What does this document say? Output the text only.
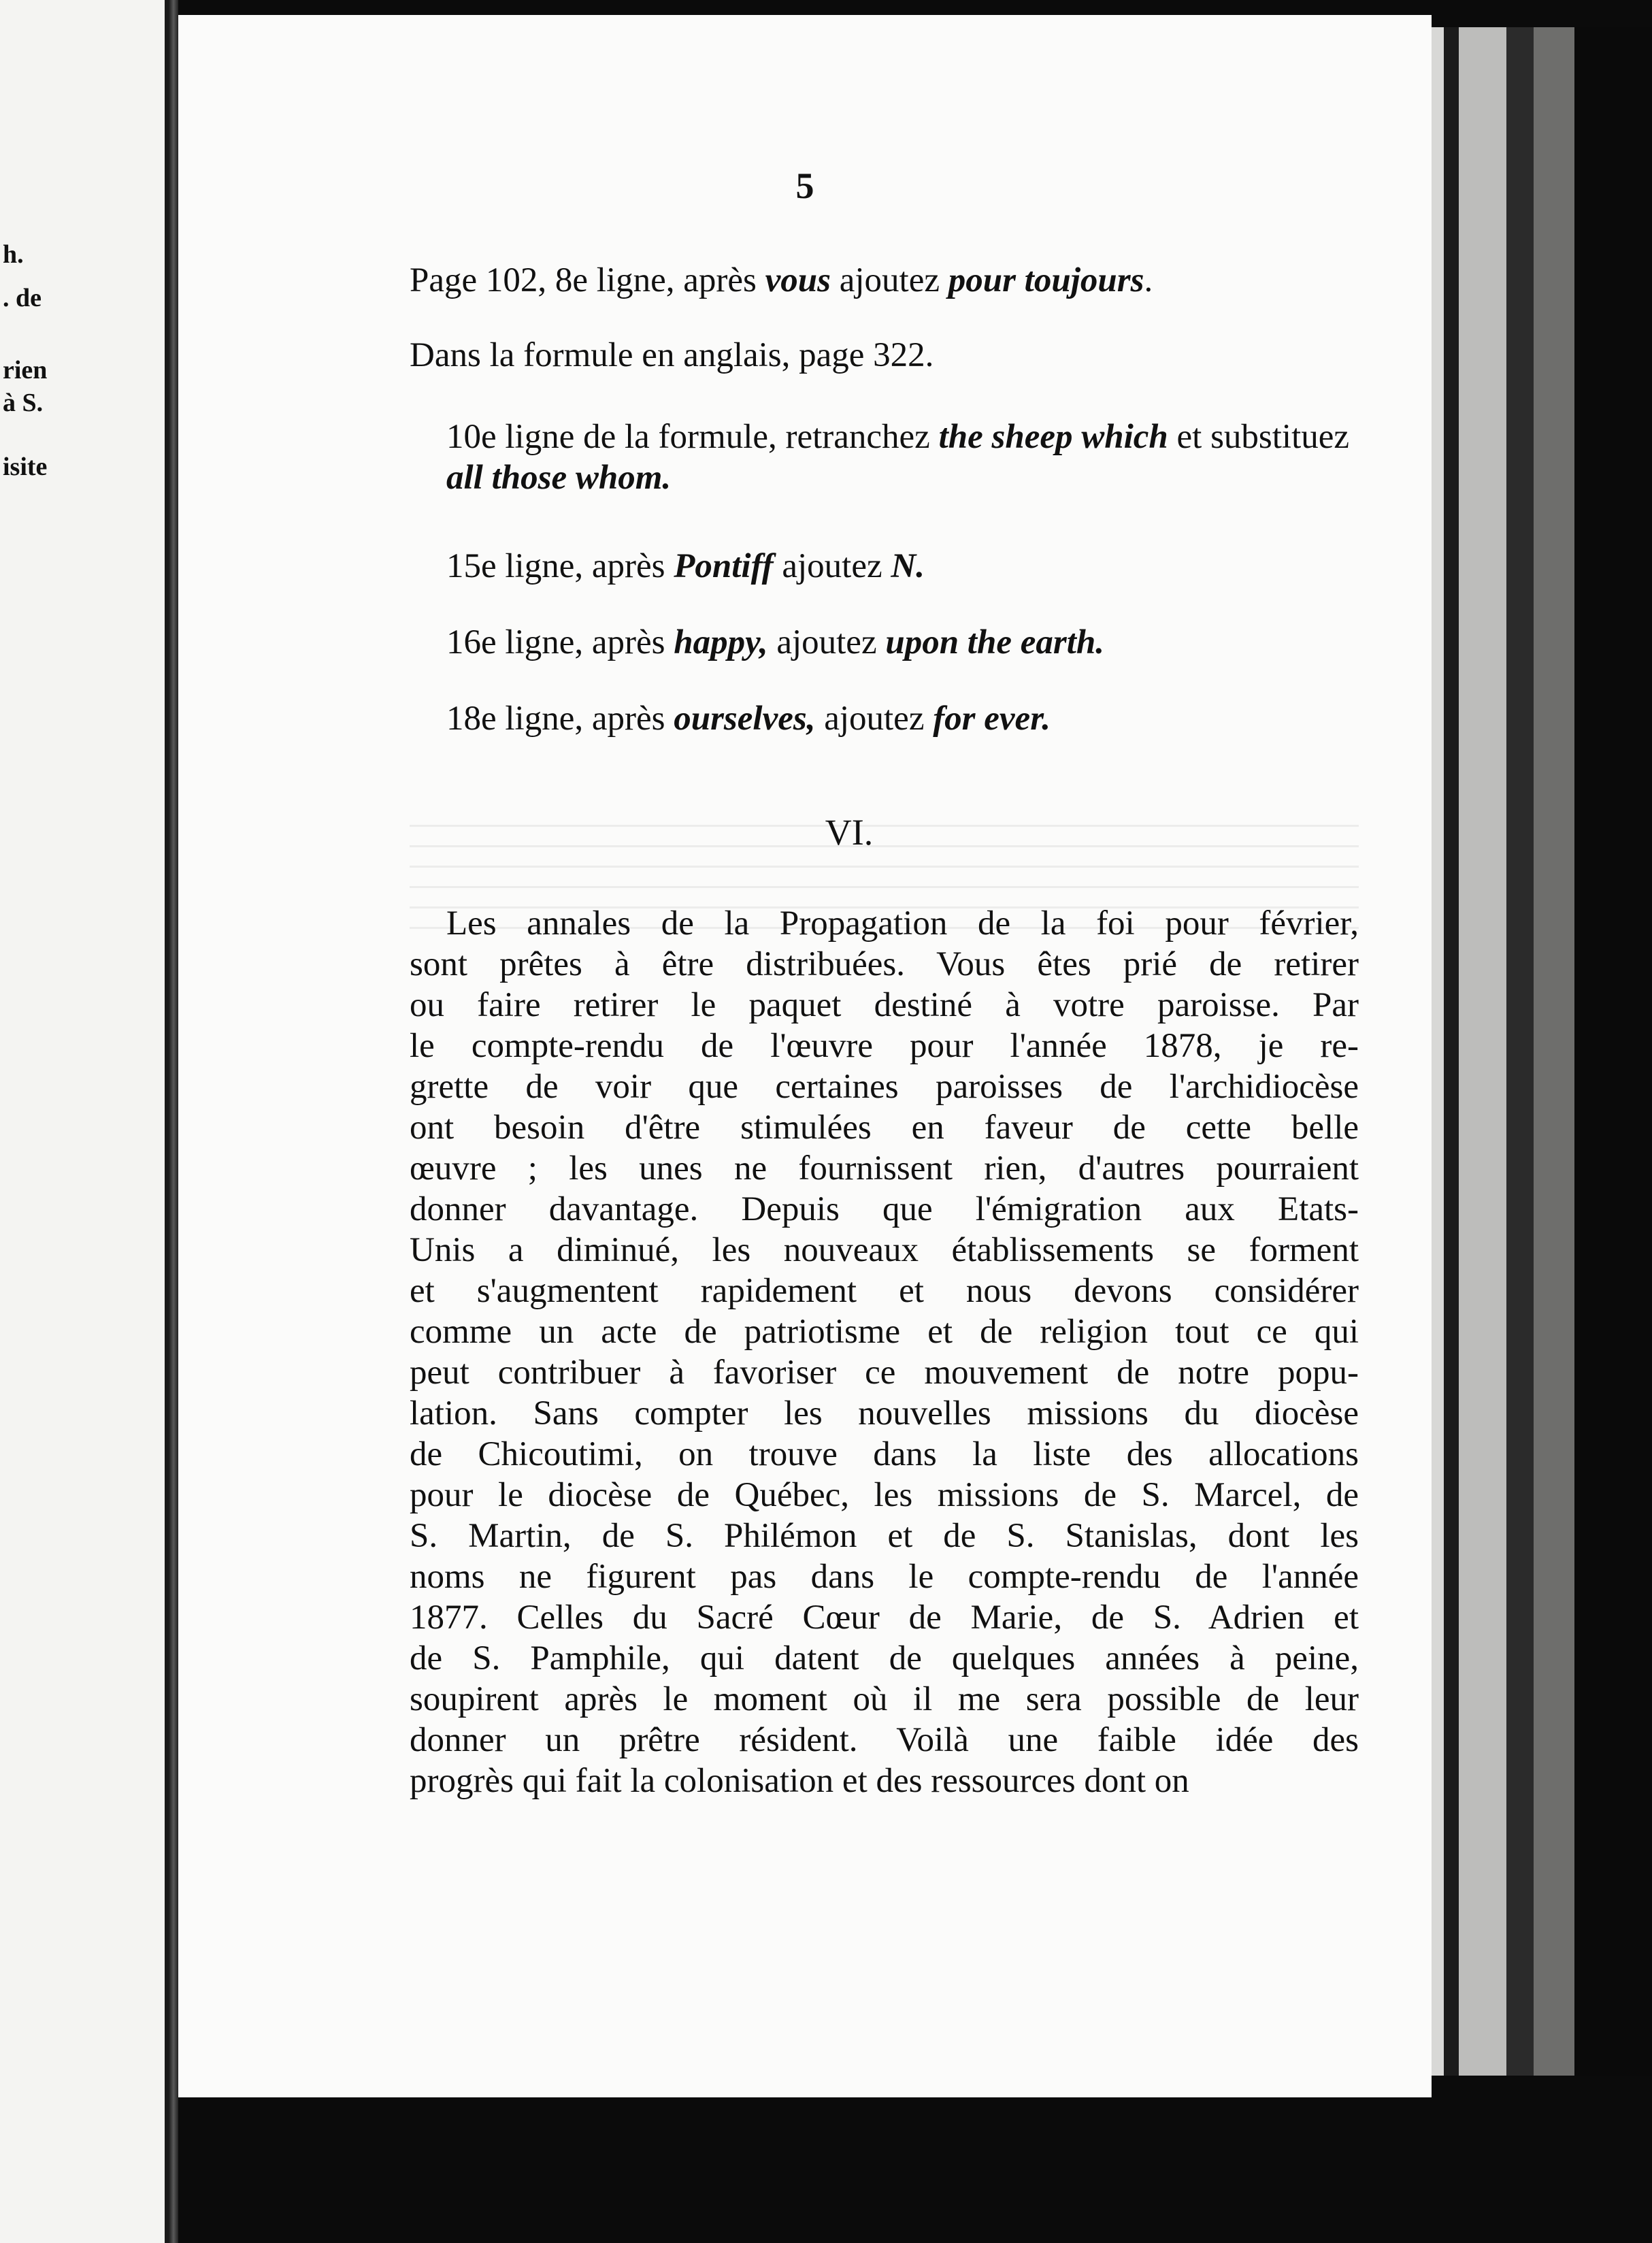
h.
. de
rien
à S.
isite
5
Page 102, 8e ligne, après vous ajoutez pour toujours.
Dans la formule en anglais, page 322.
10e ligne de la formule, retranchez the sheep which et substituez all those whom.
15e ligne, après Pontiff ajoutez N.
16e ligne, après happy, ajoutez upon the earth.
18e ligne, après ourselves, ajoutez for ever.
VI.
Les annales de la Propagation de la foi pour février,
sont prêtes à être distribuées. Vous êtes prié de retirer
ou faire retirer le paquet destiné à votre paroisse. Par
le compte-rendu de l'œuvre pour l'année 1878, je re-
grette de voir que certaines paroisses de l'archidiocèse
ont besoin d'être stimulées en faveur de cette belle
œuvre ; les unes ne fournissent rien, d'autres pourraient
donner davantage. Depuis que l'émigration aux Etats-
Unis a diminué, les nouveaux établissements se forment
et s'augmentent rapidement et nous devons considérer
comme un acte de patriotisme et de religion tout ce qui
peut contribuer à favoriser ce mouvement de notre popu-
lation. Sans compter les nouvelles missions du diocèse
de Chicoutimi, on trouve dans la liste des allocations
pour le diocèse de Québec, les missions de S. Marcel, de
S. Martin, de S. Philémon et de S. Stanislas, dont les
noms ne figurent pas dans le compte-rendu de l'année
1877. Celles du Sacré Cœur de Marie, de S. Adrien et
de S. Pamphile, qui datent de quelques années à peine,
soupirent après le moment où il me sera possible de leur
donner un prêtre résident. Voilà une faible idée des
progrès qui fait la colonisation et des ressources dont on
